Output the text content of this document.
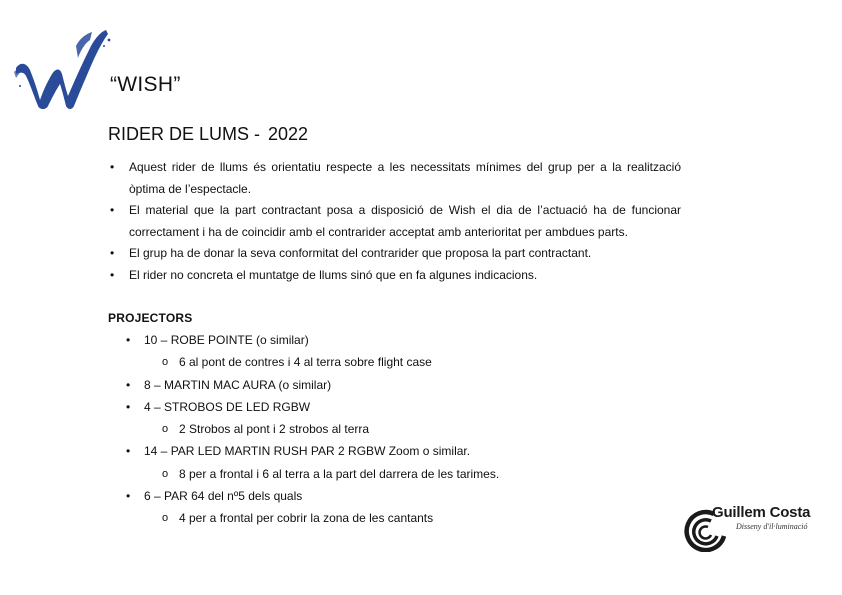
“WISH”
RIDER DE LUMS - 2022
• Aquest rider de llums és orientatiu respecte a les necessitats mínimes del grup per a la realització òptima de l’espectacle.
• El material que la part contractant posa a disposició de Wish el dia de l’actuació ha de funcionar correctament i ha de coincidir amb el contrarider acceptat amb anterioritat per ambdues parts.
• El grup ha de donar la seva conformitat del contrarider que proposa la part contractant.
• El rider no concreta el muntatge de llums sinó que en fa algunes indicacions.
PROJECTORS
• 10 – ROBE POINTE (o similar)
o 6 al pont de contres i 4 al terra sobre flight case
• 8 – MARTIN MAC AURA (o similar)
• 4 – STROBOS DE LED RGBW
o 2 Strobos al pont i 2 strobos al terra
• 14 – PAR LED MARTIN RUSH PAR 2 RGBW Zoom o similar.
o 8 per a frontal i 6 al terra a la part del darrera de les tarimes.
• 6 – PAR 64 del nº5 dels quals
o 4 per a frontal per cobrir la zona de les cantants	Guillem Costa
Disseny d'il·luminació
